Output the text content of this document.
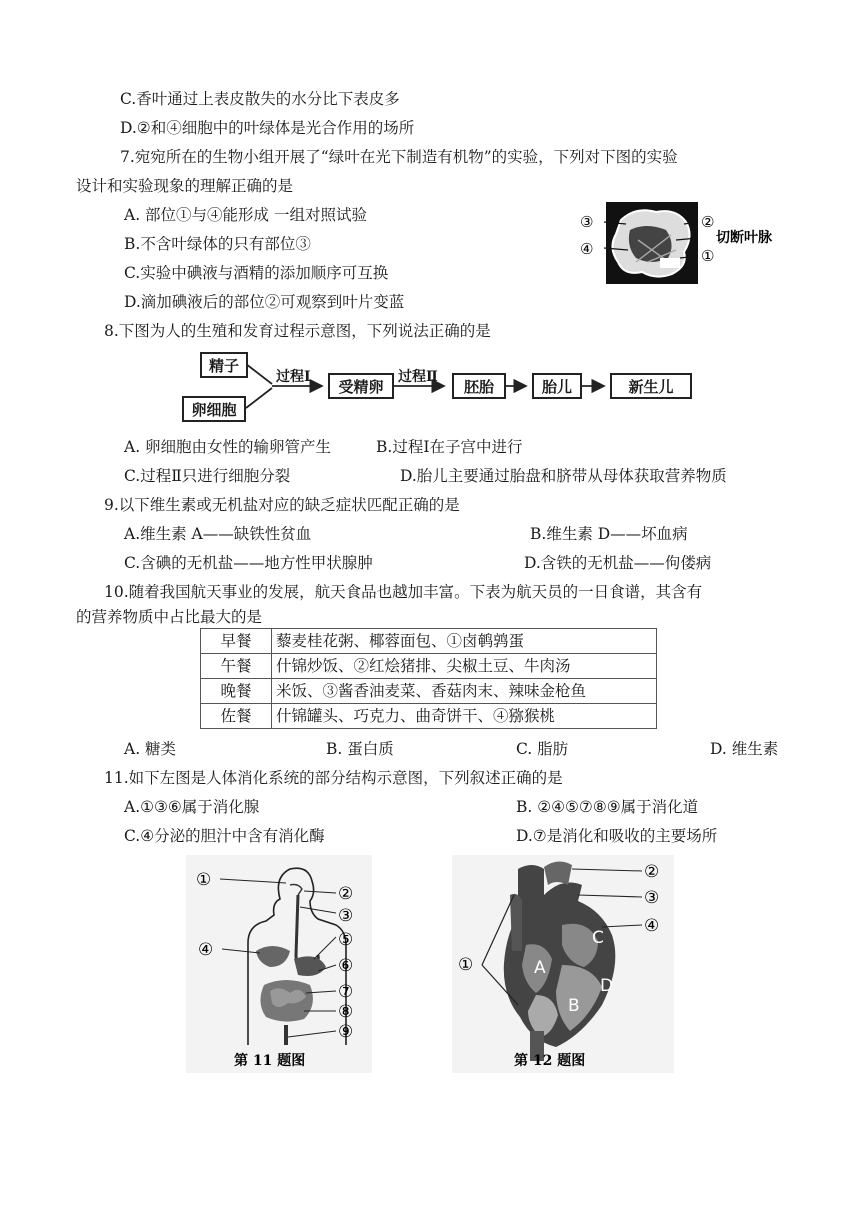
C.香叶通过上表皮散失的水分比下表皮多
D.②和④细胞中的叶绿体是光合作用的场所
7.宛宛所在的生物小组开展了“绿叶在光下制造有机物”的实验，下列对下图的实验
设计和实验现象的理解正确的是
A. 部位①与④能形成 一组对照试验
B.不含叶绿体的只有部位③
C.实验中碘液与酒精的添加顺序可互换
D.滴加碘液后的部位②可观察到叶片变蓝
③
④
②
切断叶脉
①
8.下图为人的生殖和发育过程示意图，下列说法正确的是
精子
卵细胞
过程Ⅰ
受精卵
过程Ⅱ
胚胎	胎儿	新生儿
A. 卵细胞由女性的输卵管产生	B.过程Ⅰ在子宫中进行
C.过程Ⅱ只进行细胞分裂	D.胎儿主要通过胎盘和脐带从母体获取营养物质
9.以下维生素或无机盐对应的缺乏症状匹配正确的是
A.维生素 A——缺铁性贫血	B.维生素 D——坏血病
C.含碘的无机盐——地方性甲状腺肿	D.含铁的无机盐——佝偻病
10.随着我国航天事业的发展，航天食品也越加丰富。下表为航天员的一日食谱，其含有
的营养物质中占比最大的是
早餐	藜麦桂花粥、椰蓉面包、①卤鹌鹑蛋
午餐	什锦炒饭、②红烩猪排、尖椒土豆、牛肉汤
晚餐	米饭、③酱香油麦菜、香菇肉末、辣味金枪鱼
佐餐	什锦罐头、巧克力、曲奇饼干、④猕猴桃
A. 糖类	B. 蛋白质	C. 脂肪	D. 维生素
11.如下左图是人体消化系统的部分结构示意图，下列叙述正确的是
A.①③⑥属于消化腺	B. ②④⑤⑦⑧⑨属于消化道
C.④分泌的胆汁中含有消化酶	D.⑦是消化和吸收的主要场所
①
②
③
④	⑤
⑥
⑦
⑧
⑨
第 11 题图
①
②
③
④
A
B
C
D
第 12 题图
